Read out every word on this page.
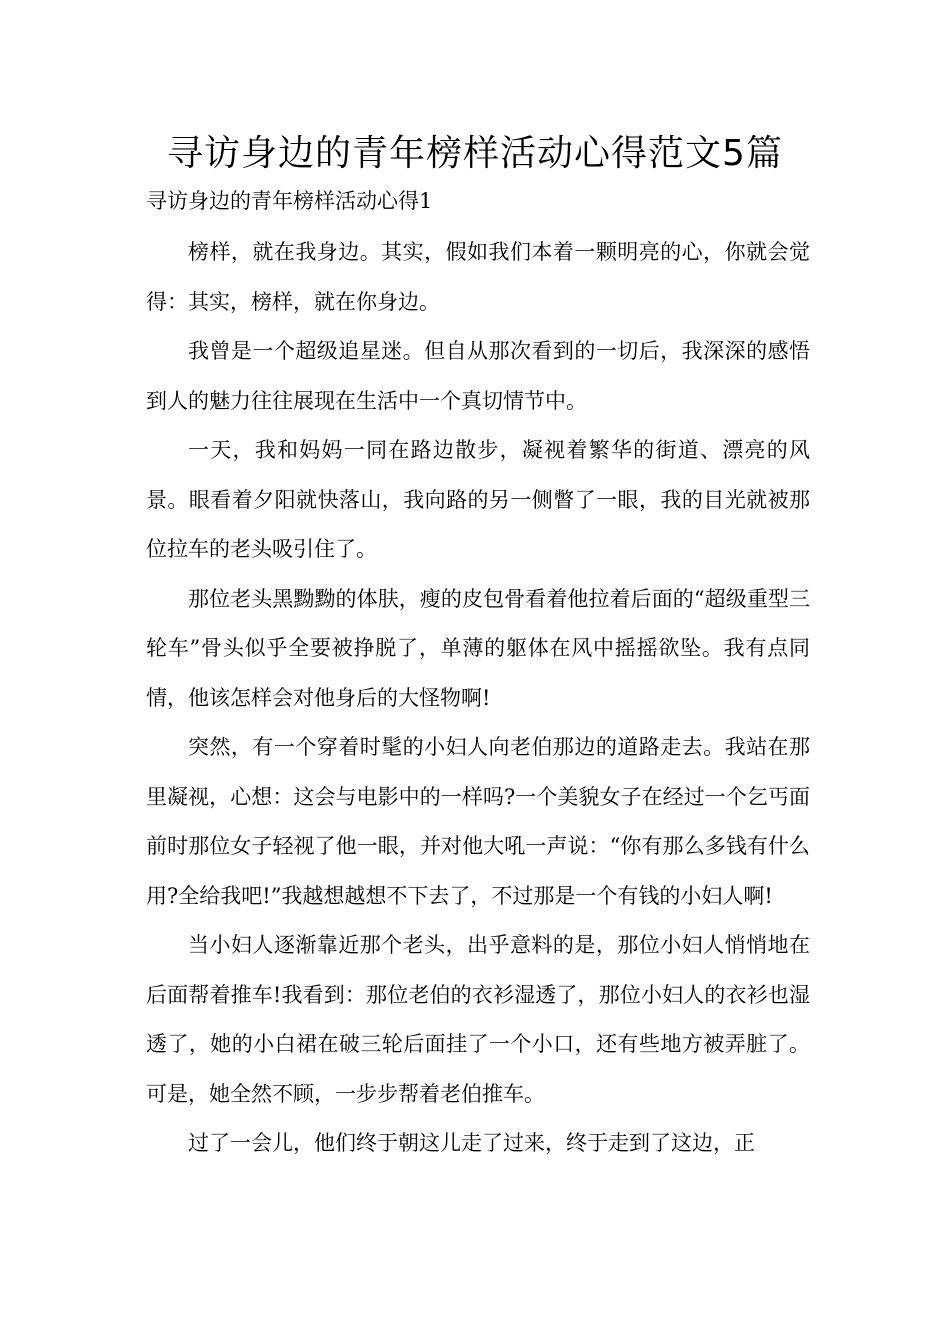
寻访身边的青年榜样活动心得范文5篇
寻访身边的青年榜样活动心得1

榜样，就在我身边。其实，假如我们本着一颗明亮的心，你就会觉得：其实，榜样，就在你身边。

我曾是一个超级追星迷。但自从那次看到的一切后，我深深的感悟到人的魅力往往展现在生活中一个真切情节中。

一天，我和妈妈一同在路边散步，凝视着繁华的街道、漂亮的风景。眼看着夕阳就快落山，我向路的另一侧瞥了一眼，我的目光就被那位拉车的老头吸引住了。

那位老头黑黝黝的体肤，瘦的皮包骨看着他拉着后面的“超级重型三轮车”骨头似乎全要被挣脱了，单薄的躯体在风中摇摇欲坠。我有点同情，他该怎样会对他身后的大怪物啊!

突然，有一个穿着时髦的小妇人向老伯那边的道路走去。我站在那里凝视，心想：这会与电影中的一样吗?一个美貌女子在经过一个乞丐面前时那位女子轻视了他一眼，并对他大吼一声说：“你有那么多钱有什么用?全给我吧!”我越想越想不下去了，不过那是一个有钱的小妇人啊!

当小妇人逐渐靠近那个老头，出乎意料的是，那位小妇人悄悄地在后面帮着推车!我看到：那位老伯的衣衫湿透了，那位小妇人的衣衫也湿透了，她的小白裙在破三轮后面挂了一个小口，还有些地方被弄脏了。可是，她全然不顾，一步步帮着老伯推车。

过了一会儿，他们终于朝这儿走了过来，终于走到了这边，正
